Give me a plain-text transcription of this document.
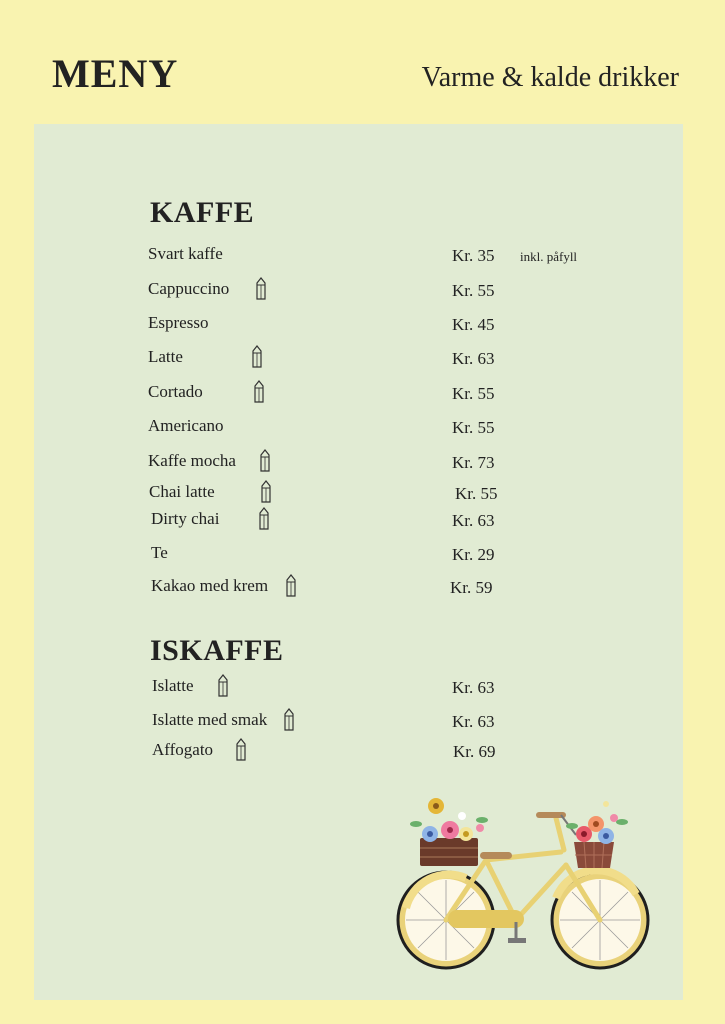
MENY	Varme & kalde drikker
KAFFE
Svart kaffe	Kr. 35 inkl. påfyll
Cappuccino	Kr. 55
Espresso	Kr. 45
Latte	Kr. 63
Cortado	Kr. 55
Americano	Kr. 55
Kaffe mocha	Kr. 73
Chai latte	Kr. 55
Dirty chai	Kr. 63
Te	Kr. 29
Kakao med krem	Kr. 59
ISKAFFE
Islatte	Kr. 63
Islatte med smak	Kr. 63
Affogato	Kr. 69
